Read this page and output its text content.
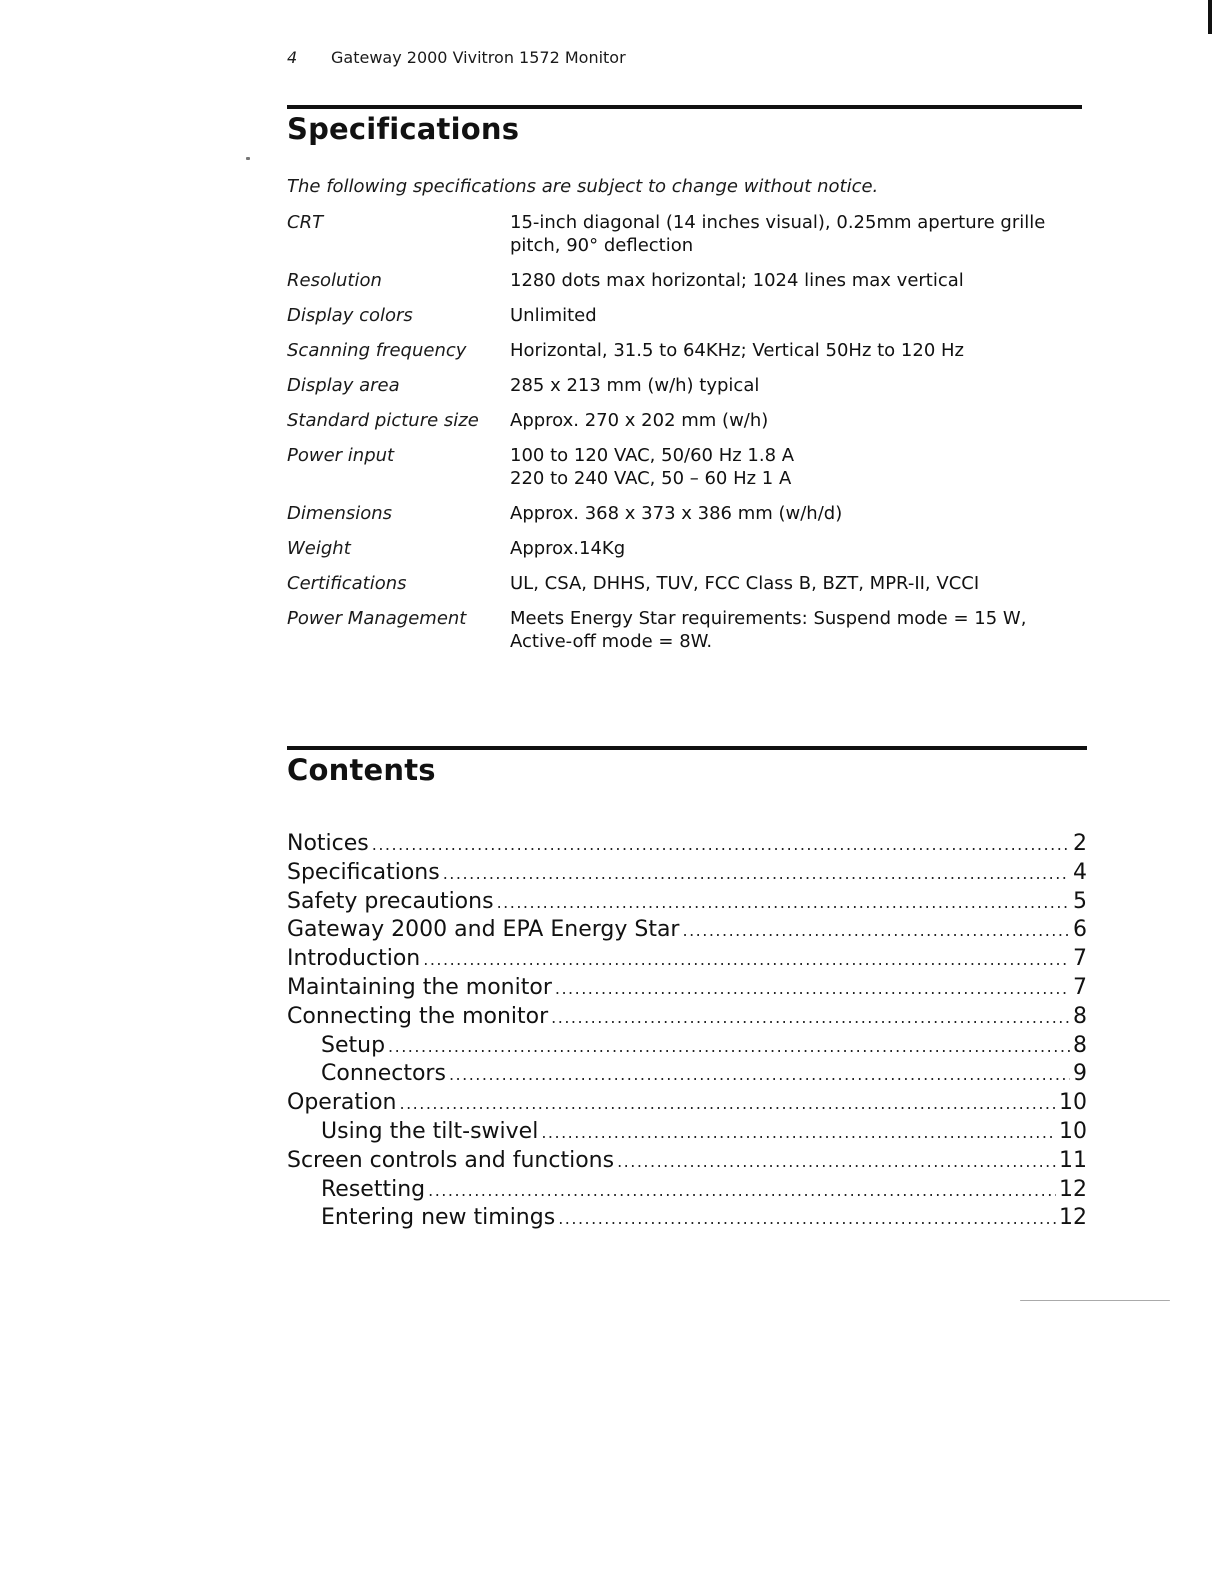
4 Gateway 2000 Vivitron 1572 Monitor
Specifications
The following specifications are subject to change without notice.
CRT	15-inch diagonal (14 inches visual), 0.25mm aperture grille pitch, 90° deflection
Resolution	1280 dots max horizontal; 1024 lines max vertical
Display colors	Unlimited
Scanning frequency	Horizontal, 31.5 to 64KHz; Vertical 50Hz to 120 Hz
Display area	285 x 213 mm (w/h) typical
Standard picture size	Approx. 270 x 202 mm (w/h)
Power input	100 to 120 VAC, 50/60 Hz 1.8 A
220 to 240 VAC, 50 – 60 Hz 1 A
Dimensions	Approx. 368 x 373 x 386 mm (w/h/d)
Weight	Approx.14Kg
Certifications	UL, CSA, DHHS, TUV, FCC Class B, BZT, MPR-II, VCCI
Power Management	Meets Energy Star requirements: Suspend mode = 15 W,
Active-off mode = 8W.
Contents
Notices .....	2
Specifications .....	4
Safety precautions .....	5
Gateway 2000 and EPA Energy Star .....	6
Introduction .....	7
Maintaining the monitor .....	7
Connecting the monitor .....	8
Setup .....	8
Connectors .....	9
Operation .....	10
Using the tilt-swivel .....	10
Screen controls and functions .....	11
Resetting .....	12
Entering new timings .....	12
